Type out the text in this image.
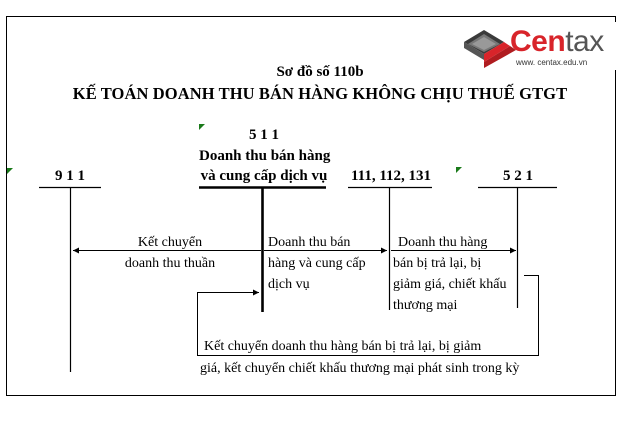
Centax
www. centax.edu.vn
Sơ đồ số 110b
KẾ TOÁN DOANH THU BÁN HÀNG KHÔNG CHỊU THUẾ GTGT
9 1 1
5 1 1
Doanh thu bán hàng
và cung cấp dịch vụ	111, 112, 131	5 2 1
Kết chuyển
doanh thu thuần
Doanh thu bán
hàng và cung cấp
dịch vụ
Doanh thu hàng
bán bị trả lại, bị
giảm giá, chiết khấu
thương mại
Kết chuyển doanh thu hàng bán bị trả lại, bị giảm
giá, kết chuyển chiết khấu thương mại phát sinh trong kỳ
